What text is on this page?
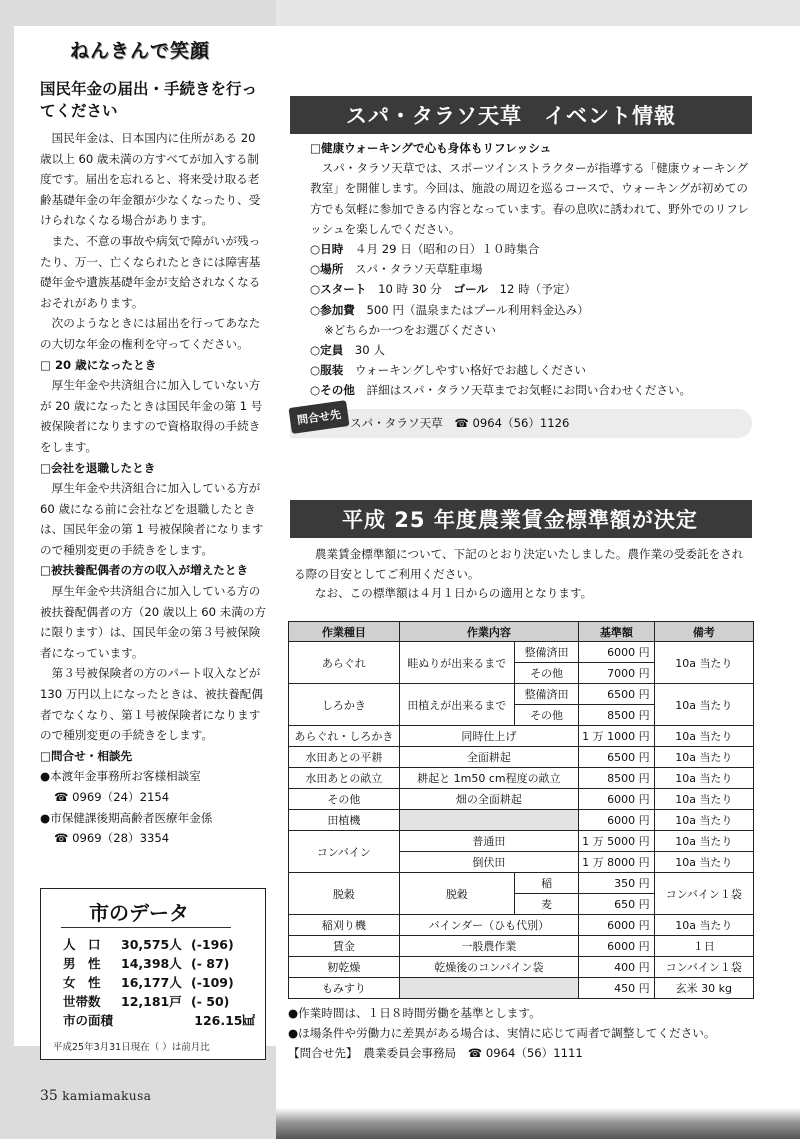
ねんきんで笑顔
国民年金の届出・手続きを行ってください

国民年金は、日本国内に住所がある 20 歳以上 60 歳未満の方すべてが加入する制度です。届出を忘れると、将来受け取る老齢基礎年金の年金額が少なくなったり、受けられなくなる場合があります。

また、不意の事故や病気で障がいが残ったり、万一、亡くなられたときには障害基礎年金や遺族基礎年金が支給されなくなるおそれがあります。

次のようなときには届出を行ってあなたの大切な年金の権利を守ってください。

□ 20 歳になったとき

厚生年金や共済組合に加入していない方が 20 歳になったときは国民年金の第 1 号被保険者になりますので資格取得の手続きをします。

□会社を退職したとき

厚生年金や共済組合に加入している方が 60 歳になる前に会社などを退職したときは、国民年金の第 1 号被保険者になりますので種別変更の手続きをします。

□被扶養配偶者の方の収入が増えたとき

厚生年金や共済組合に加入している方の被扶養配偶者の方（20 歳以上 60 未満の方に限ります）は、国民年金の第３号被保険者になっています。

第３号被保険者の方のパート収入などが 130 万円以上になったときは、被扶養配偶者でなくなり、第１号被保険者になりますので種別変更の手続きをします。

□問合せ・相談先

●本渡年金事務所お客様相談室

☎ 0969（24）2154

●市保健課後期高齢者医療年金係

☎ 0969（28）3354

市のデータ
人　口	30,575人 (-196)
男　性	14,398人 (- 87)
女　性	16,177人 (-109)
世帯数	12,181戸 (- 50)
市の面積	126.15㎢
平成25年3月31日現在（ ）は前月比
35 kamiamakusa
スパ・タラソ天草　イベント情報
□健康ウォーキングで心も身体もリフレッシュ
スパ・タラソ天草では、スポーツインストラクターが指導する「健康ウォーキング教室」を開催します。今回は、施設の周辺を巡るコースで、ウォーキングが初めての方でも気軽に参加できる内容となっています。春の息吹に誘われて、野外でのリフレッシュを楽しんでください。
○日時　 ４月 29 日（昭和の日）１０時集合
○場所　 スパ・タラソ天草駐車場
○スタート　 10 時 30 分　 ゴール　 12 時（予定）
○参加費　 500 円（温泉またはプール利用料金込み）
※どちらか一つをお選びください
○定員　 30 人
○服装　 ウォーキングしやすい格好でお越しください
○その他　 詳細はスパ・タラソ天草までお気軽にお問い合わせください。
問合せ先 スパ・タラソ天草　☎ 0964（56）1126
平成 25 年度農業賃金標準額が決定

農業賃金標準額について、下記のとおり決定いたしました。農作業の受委託をされる際の目安としてご利用ください。

なお、この標準額は４月１日からの適用となります。

作業種目	作業内容		基準額	備考
あらぐれ	畦ぬりが出来るまで	整備済田	6000 円	10a 当たり
		その他	7000 円	
しろかき	田植えが出来るまで	整備済田	6500 円	10a 当たり
		その他	8500 円	
あらぐれ・しろかき	同時仕上げ		1 万 1000 円	10a 当たり
水田あとの平耕	全面耕起		6500 円	10a 当たり
水田あとの畝立	耕起と 1m50 cm程度の畝立		8500 円	10a 当たり
その他	畑の全面耕起		6000 円	10a 当たり
田植機			6000 円	10a 当たり
コンバイン	普通田		1 万 5000 円	10a 当たり
	倒伏田		1 万 8000 円	10a 当たり
脱穀	脱穀	稲	350 円	コンバイン１袋
		麦	650 円	
稲刈り機	バインダー（ひも代別）		6000 円	10a 当たり
賃金	一般農作業		6000 円	１日
籾乾燥	乾燥後のコンバイン袋		400 円	コンバイン１袋
もみすり			450 円	玄米 30 kg
●作業時間は、１日８時間労働を基準とします。
●ほ場条件や労働力に差異がある場合は、実情に応じて両者で調整してください。
【問合せ先】　農業委員会事務局　☎ 0964（56）1111
